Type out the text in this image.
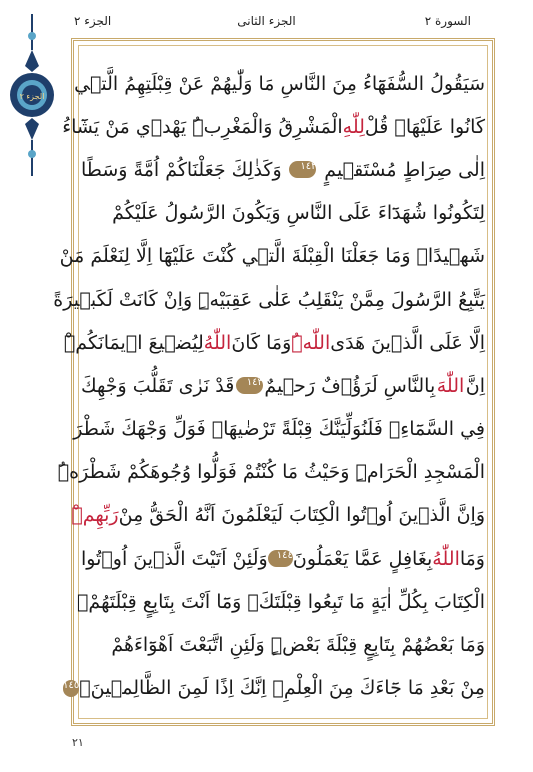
السورة ٢
الجزء الثانى
الجزء ٢
الجزء ٢
سَيَقُولُ السُّفَهَٓاءُ مِنَ النَّاسِ مَا وَلّٰيهُمْ عَنْ قِبْلَتِهِمُ الَّت۪ي
كَانُوا عَلَيْهَاۜ قُلْ
لِلّٰهِ
الْمَشْرِقُ وَالْمَغْرِبُۜ يَهْد۪ي مَنْ يَشَٓاءُ
اِلٰى صِرَاطٍ مُسْتَق۪يمٍ
١٤٢
وَكَذٰلِكَ جَعَلْنَاكُمْ اُمَّةً وَسَطًا
لِتَكُونُوا شُهَدَٓاءَ عَلَى النَّاسِ وَيَكُونَ الرَّسُولُ عَلَيْكُمْ
شَه۪يدًاۜ وَمَا جَعَلْنَا الْقِبْلَةَ الَّت۪ي كُنْتَ عَلَيْهَٓا اِلَّا لِنَعْلَمَ مَنْ
يَتَّبِعُ الرَّسُولَ مِمَّنْ يَنْقَلِبُ عَلٰى عَقِبَيْهِۜ وَاِنْ كَانَتْ لَكَب۪يرَةً
اِلَّا عَلَى الَّذ۪ينَ هَدَى
اللّٰهُۜ
وَمَا كَانَ
اللّٰهُ
لِيُض۪يعَ ا۪يمَانَكُمْۜ
اِنَّ
اللّٰهَ
بِالنَّاسِ لَرَؤُ۫فٌ رَح۪يمٌ
١٤٣
قَدْ نَرٰى تَقَلُّبَ وَجْهِكَ
فِي السَّمَٓاءِۚ فَلَنُوَلِّيَنَّكَ قِبْلَةً تَرْضٰيهَاۖ فَوَلِّ وَجْهَكَ شَطْرَ
الْمَسْجِدِ الْحَرَامِۜ وَحَيْثُ مَا كُنْتُمْ فَوَلُّوا وُجُوهَكُمْ شَطْرَهُۜ
وَاِنَّ الَّذ۪ينَ اُو۫تُوا الْكِتَابَ لَيَعْلَمُونَ اَنَّهُ الْحَقُّ مِنْ
رَبِّهِمْۜ
وَمَا
اللّٰهُ
بِغَافِلٍ عَمَّا يَعْمَلُونَ
١٤٤
وَلَئِنْ اَتَيْتَ الَّذ۪ينَ اُو۫تُوا
الْكِتَابَ بِكُلِّ اٰيَةٍ مَا تَبِعُوا قِبْلَتَكَۚ وَمَٓا اَنْتَ بِتَابِعٍ قِبْلَتَهُمْۚ
وَمَا بَعْضُهُمْ بِتَابِعٍ قِبْلَةَ بَعْضٍۜ وَلَئِنِ اتَّبَعْتَ اَهْوَٓاءَهُمْ
مِنْ بَعْدِ مَا جَٓاءَكَ مِنَ الْعِلْمِۙ اِنَّكَ اِذًا لَمِنَ الظَّالِم۪ينَۢ
١٤٥
٢١
